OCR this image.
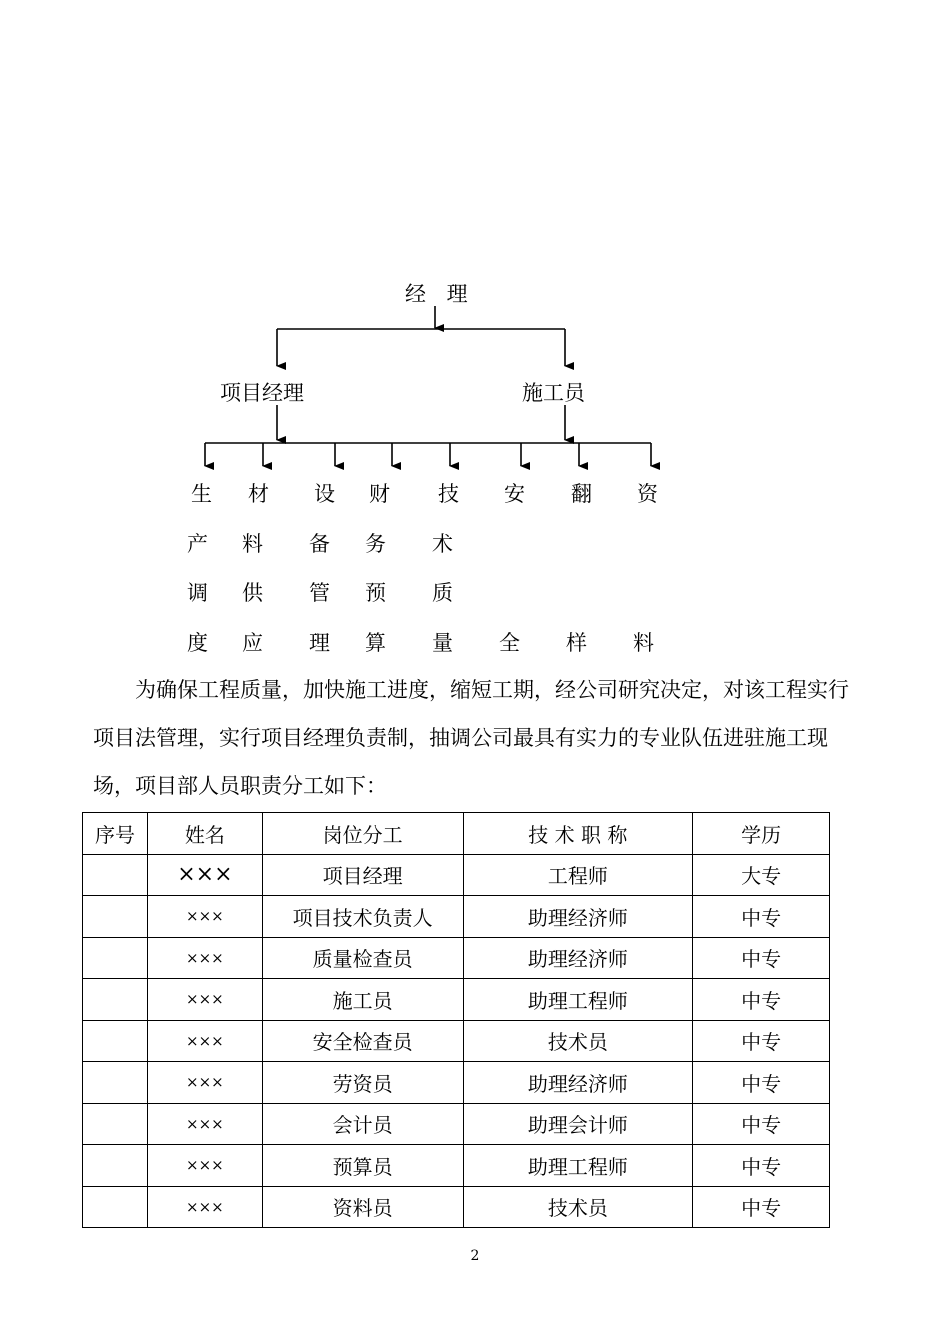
经 理
项目经理	施工员
生
产
调
度
材
料
供
应
设
备
管
理
财
务
预
算
技
术
质
量
安
全
翻
样
资
料
为确保工程质量，加快施工进度，缩短工期，经公司研究决定，对该工程实行
项目法管理，实行项目经理负责制，抽调公司最具有实力的专业队伍进驻施工现
场，项目部人员职责分工如下：
序号	姓名	岗位分工	技 术 职 称	学历
	×××	项目经理	工程师	大专
	×××	项目技术负责人	助理经济师	中专
	×××	质量检查员	助理经济师	中专
	×××	施工员	助理工程师	中专
	×××	安全检查员	技术员	中专
	×××	劳资员	助理经济师	中专
	×××	会计员	助理会计师	中专
	×××	预算员	助理工程师	中专
	×××	资料员	技术员	中专
2
